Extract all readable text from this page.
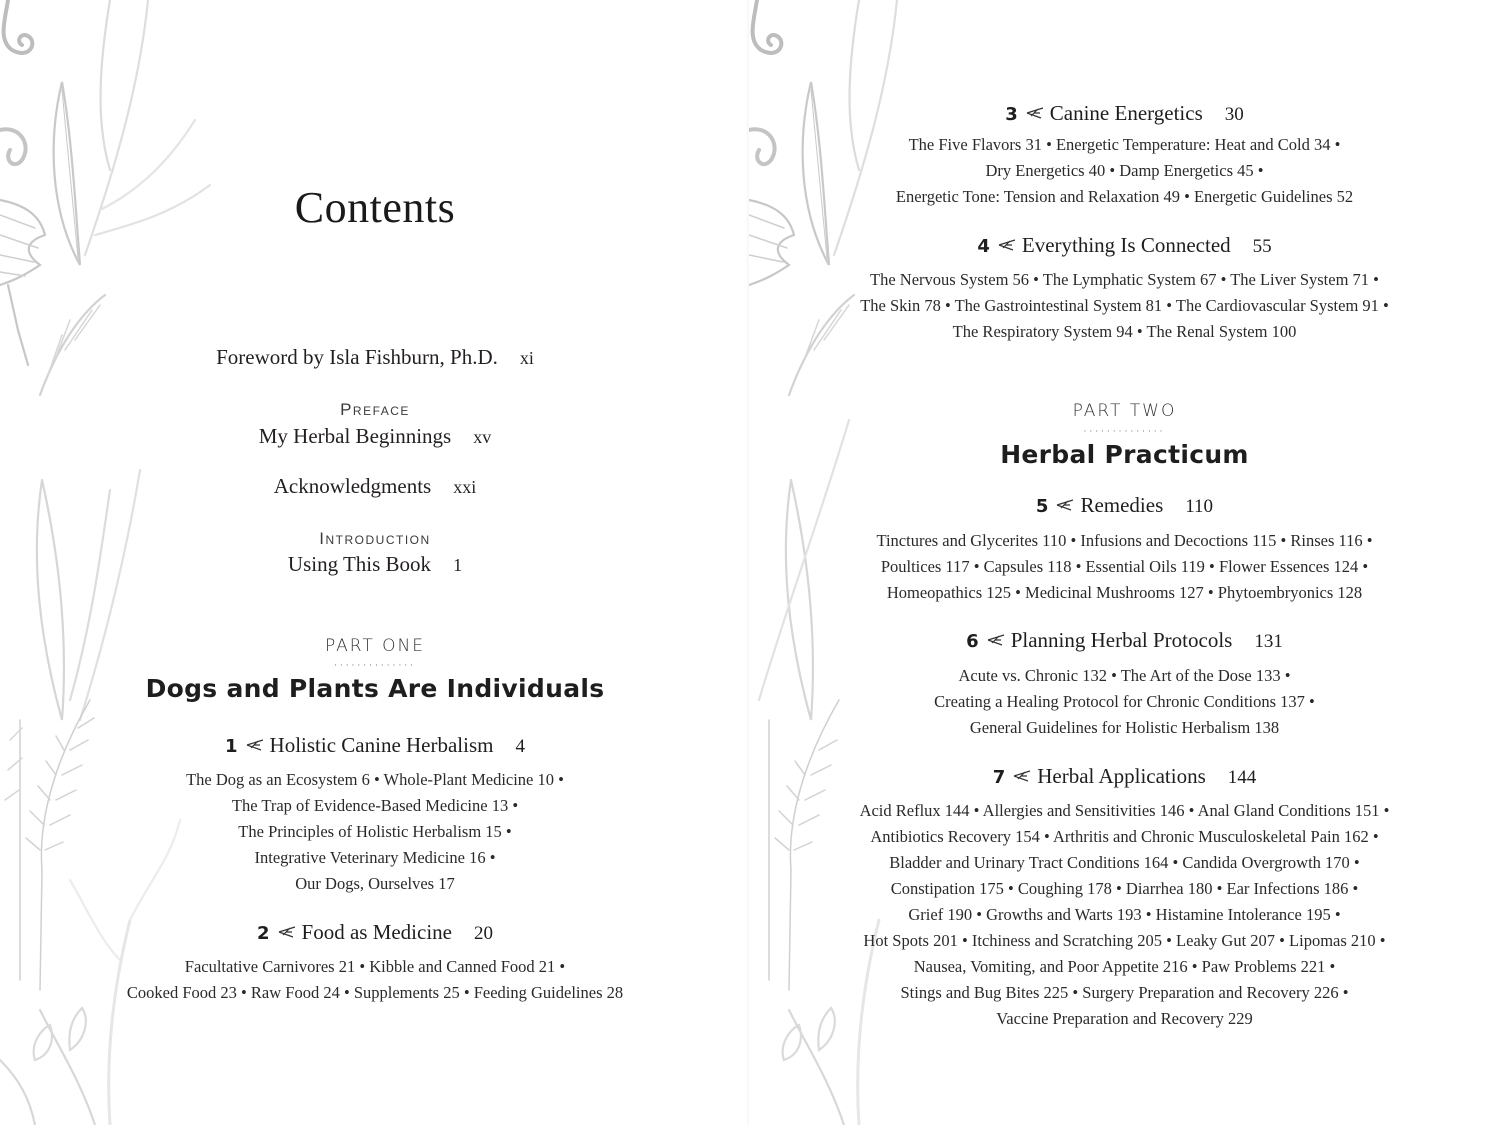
Contents
Foreword by Isla Fishburn, Ph.D. xi
Preface
My Herbal Beginnings xv
Acknowledgments xxi
Introduction
Using This Book 1
PART ONE
··············
Dogs and Plants Are Individuals
1 Holistic Canine Herbalism 4
The Dog as an Ecosystem 6 • Whole-Plant Medicine 10 •
The Trap of Evidence-Based Medicine 13 •
The Principles of Holistic Herbalism 15 •
Integrative Veterinary Medicine 16 •
Our Dogs, Ourselves 17
2 Food as Medicine 20
Facultative Carnivores 21 • Kibble and Canned Food 21 •
Cooked Food 23 • Raw Food 24 • Supplements 25 • Feeding Guidelines 28
3 Canine Energetics 30
The Five Flavors 31 • Energetic Temperature: Heat and Cold 34 •
Dry Energetics 40 • Damp Energetics 45 •
Energetic Tone: Tension and Relaxation 49 • Energetic Guidelines 52
4 Everything Is Connected 55
The Nervous System 56 • The Lymphatic System 67 • The Liver System 71 •
The Skin 78 • The Gastrointestinal System 81 • The Cardiovascular System 91 •
The Respiratory System 94 • The Renal System 100
PART TWO
··············
Herbal Practicum
5 Remedies 110
Tinctures and Glycerites 110 • Infusions and Decoctions 115 • Rinses 116 •
Poultices 117 • Capsules 118 • Essential Oils 119 • Flower Essences 124 •
Homeopathics 125 • Medicinal Mushrooms 127 • Phytoembryonics 128
6 Planning Herbal Protocols 131
Acute vs. Chronic 132 • The Art of the Dose 133 •
Creating a Healing Protocol for Chronic Conditions 137 •
General Guidelines for Holistic Herbalism 138
7 Herbal Applications 144
Acid Reflux 144 • Allergies and Sensitivities 146 • Anal Gland Conditions 151 •
Antibiotics Recovery 154 • Arthritis and Chronic Musculoskeletal Pain 162 •
Bladder and Urinary Tract Conditions 164 • Candida Overgrowth 170 •
Constipation 175 • Coughing 178 • Diarrhea 180 • Ear Infections 186 •
Grief 190 • Growths and Warts 193 • Histamine Intolerance 195 •
Hot Spots 201 • Itchiness and Scratching 205 • Leaky Gut 207 • Lipomas 210 •
Nausea, Vomiting, and Poor Appetite 216 • Paw Problems 221 •
Stings and Bug Bites 225 • Surgery Preparation and Recovery 226 •
Vaccine Preparation and Recovery 229
